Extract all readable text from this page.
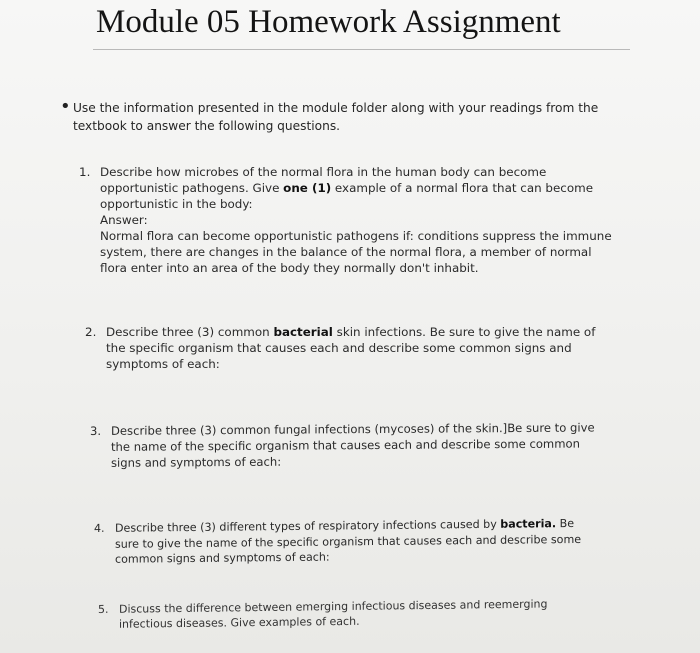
Module 05 Homework Assignment
• Use the information presented in the module folder along with your readings from the textbook to answer the following questions.
1. Describe how microbes of the normal flora in the human body can become
opportunistic pathogens. Give one (1) example of a normal flora that can become
opportunistic in the body:
Answer:
Normal flora can become opportunistic pathogens if: conditions suppress the immune
system, there are changes in the balance of the normal flora, a member of normal
flora enter into an area of the body they normally don't inhabit.
2. Describe three (3) common bacterial skin infections. Be sure to give the name of
the specific organism that causes each and describe some common signs and
symptoms of each:
3. Describe three (3) common fungal infections (mycoses) of the skin.]Be sure to give
the name of the specific organism that causes each and describe some common
signs and symptoms of each:
4. Describe three (3) different types of respiratory infections caused by bacteria. Be
sure to give the name of the specific organism that causes each and describe some
common signs and symptoms of each:
5. Discuss the difference between emerging infectious diseases and reemerging
infectious diseases. Give examples of each.
